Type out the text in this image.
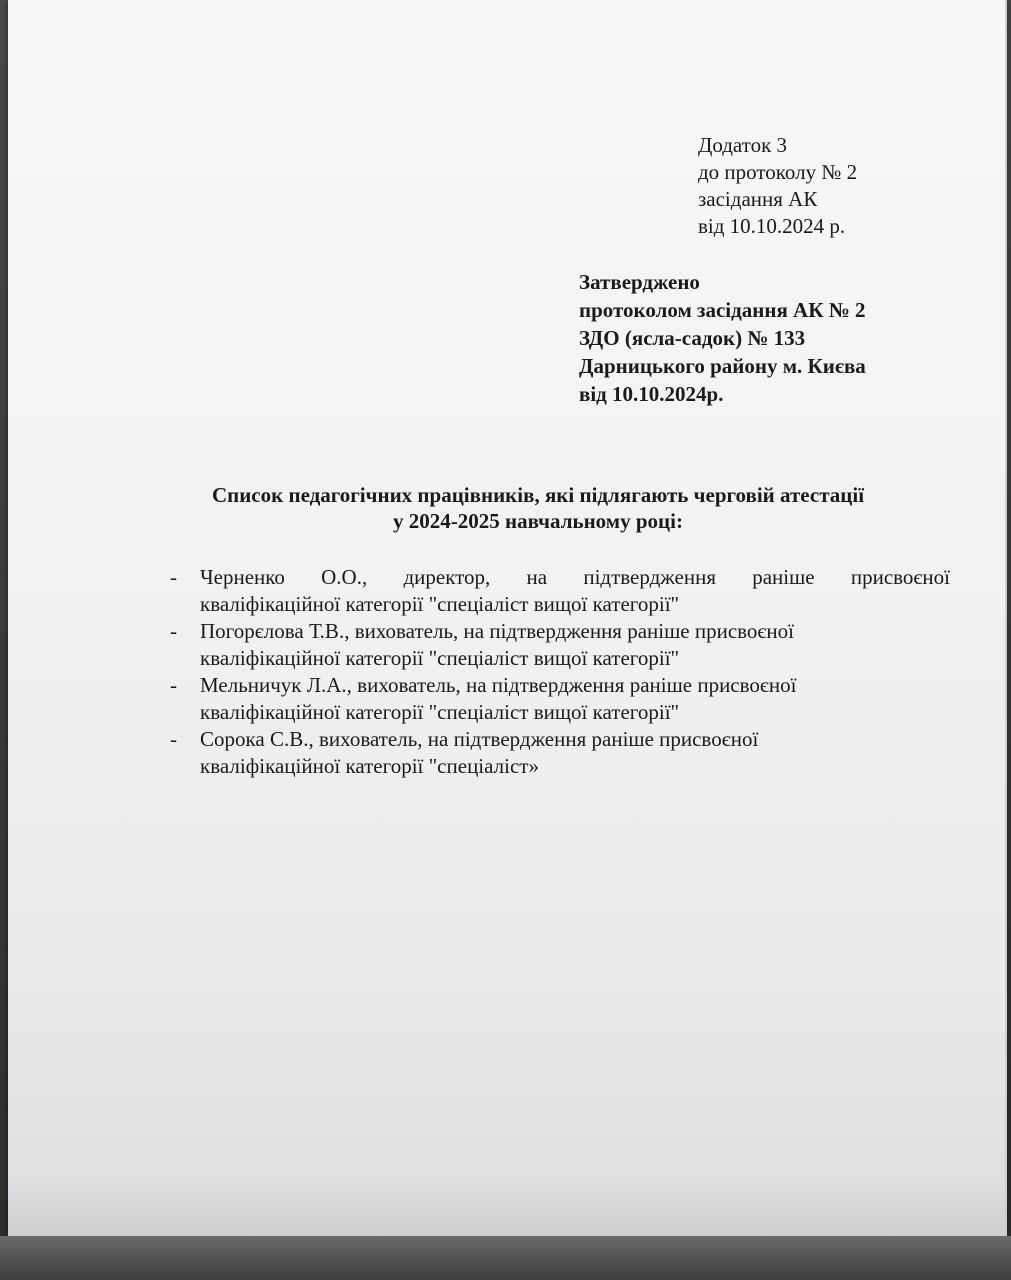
Додаток 3
до протоколу № 2
засідання АК
від 10.10.2024 р.
Затверджено
протоколом засідання АК № 2
ЗДО (ясла-садок) № 133
Дарницького району м. Києва
від 10.10.2024р.
Список педагогічних працівників, які підлягають черговій атестації
у 2024-2025 навчальному році:
- Черненко О.О., директор, на підтвердження раніше присвоєної
кваліфікаційної категорії "спеціаліст вищої категорії"
- Погорєлова Т.В., вихователь, на підтвердження раніше присвоєної
кваліфікаційної категорії "спеціаліст вищої категорії"
- Мельничук Л.А., вихователь, на підтвердження раніше присвоєної
кваліфікаційної категорії "спеціаліст вищої категорії"
- Сорока С.В., вихователь, на підтвердження раніше присвоєної
кваліфікаційної категорії "спеціаліст»
